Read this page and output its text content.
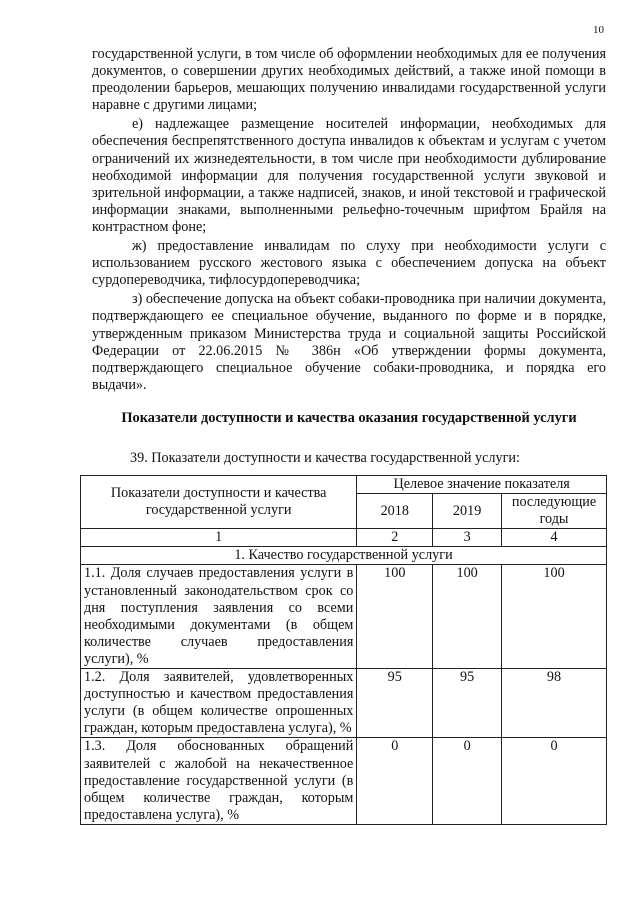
10

государственной услуги, в том числе об оформлении необходимых для ее получения документов, о совершении других необходимых действий, а также иной помощи в преодолении барьеров, мешающих получению инвалидами государственной услуги наравне с другими лицами;

е) надлежащее размещение носителей информации, необходимых для обеспечения беспрепятственного доступа инвалидов к объектам и услугам с учетом ограничений их жизнедеятельности, в том числе при необходимости дублирование необходимой информации для получения государственной услуги звуковой и зрительной информации, а также надписей, знаков, и иной текстовой и графической информации знаками, выполненными рельефно-точечным шрифтом Брайля на контрастном фоне;

ж) предоставление инвалидам по слуху при необходимости услуги с использованием русского жестового языка с обеспечением допуска на объект сурдопереводчика, тифлосурдопереводчика;

з) обеспечение допуска на объект собаки-проводника при наличии документа, подтверждающего ее специальное обучение, выданного по форме и в порядке, утвержденным приказом Министерства труда и социальной защиты Российской Федерации от 22.06.2015 № 386н «Об утверждении формы документа, подтверждающего специальное обучение собаки-проводника, и порядка его выдачи».

Показатели доступности и качества оказания государственной услуги
39. Показатели доступности и качества государственной услуги:
Показатели доступности и качества государственной услуги	Целевое значение показателя		
	2018	2019	последующие годы
1	2	3	4
1. Качество государственной услуги			
1.1. Доля случаев предоставления услуги в установленный законодательством срок со дня поступления заявления со всеми необходимыми документами (в общем количестве случаев предоставления услуги), %	100	100	100
1.2. Доля заявителей, удовлетворенных доступностью и качеством предоставления услуги (в общем количестве опрошенных граждан, которым предоставлена услуга), %	95	95	98
1.3. Доля обоснованных обращений заявителей с жалобой на некачественное предоставление государственной услуги (в общем количестве граждан, которым предоставлена услуга), %	0	0	0
